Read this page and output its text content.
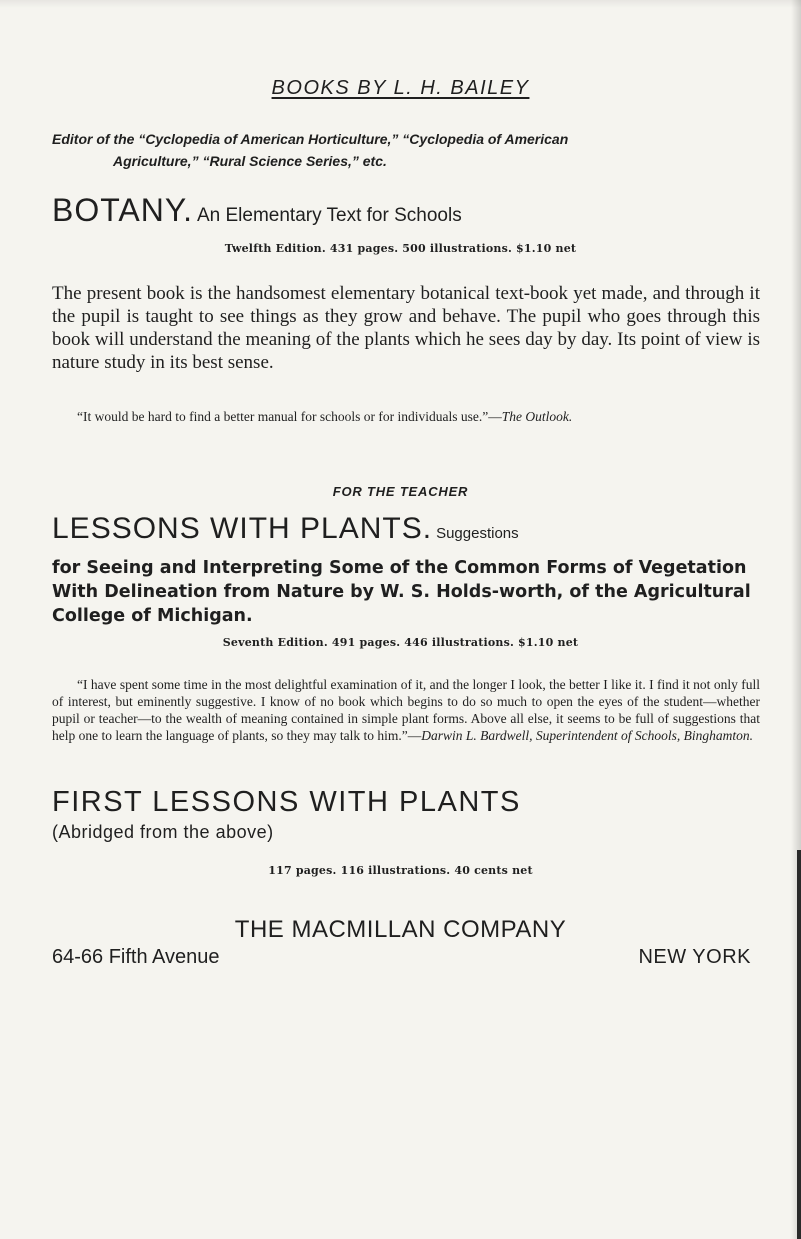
BOOKS BY L. H. BAILEY
Editor of the “Cyclopedia of American Horticulture,” “Cyclopedia of American
Agriculture,” “Rural Science Series,” etc.
BOTANY. An Elementary Text for Schools
Twelfth Edition. 431 pages. 500 illustrations. $1.10 net
The present book is the handsomest elementary botanical text-book yet made, and through it the pupil is taught to see things as they grow and behave. The pupil who goes through this book will understand the meaning of the plants which he sees day by day. Its point of view is nature study in its best sense.
“It would be hard to find a better manual for schools or for individuals use.”—The Outlook.
FOR THE TEACHER
LESSONS WITH PLANTS. Suggestions
for Seeing and Interpreting Some of the Common Forms of Vegetation With Delineation from Nature by W. S. Holds-worth, of the Agricultural College of Michigan.
Seventh Edition. 491 pages. 446 illustrations. $1.10 net
“I have spent some time in the most delightful examination of it, and the longer I look, the better I like it. I find it not only full of interest, but eminently suggestive. I know of no book which begins to do so much to open the eyes of the student—whether pupil or teacher—to the wealth of meaning contained in simple plant forms. Above all else, it seems to be full of suggestions that help one to learn the language of plants, so they may talk to him.”—Darwin L. Bardwell, Superintendent of Schools, Binghamton.
FIRST LESSONS WITH PLANTS
(Abridged from the above)
117 pages. 116 illustrations. 40 cents net
THE MACMILLAN COMPANY
64-66 Fifth Avenue	NEW YORK
